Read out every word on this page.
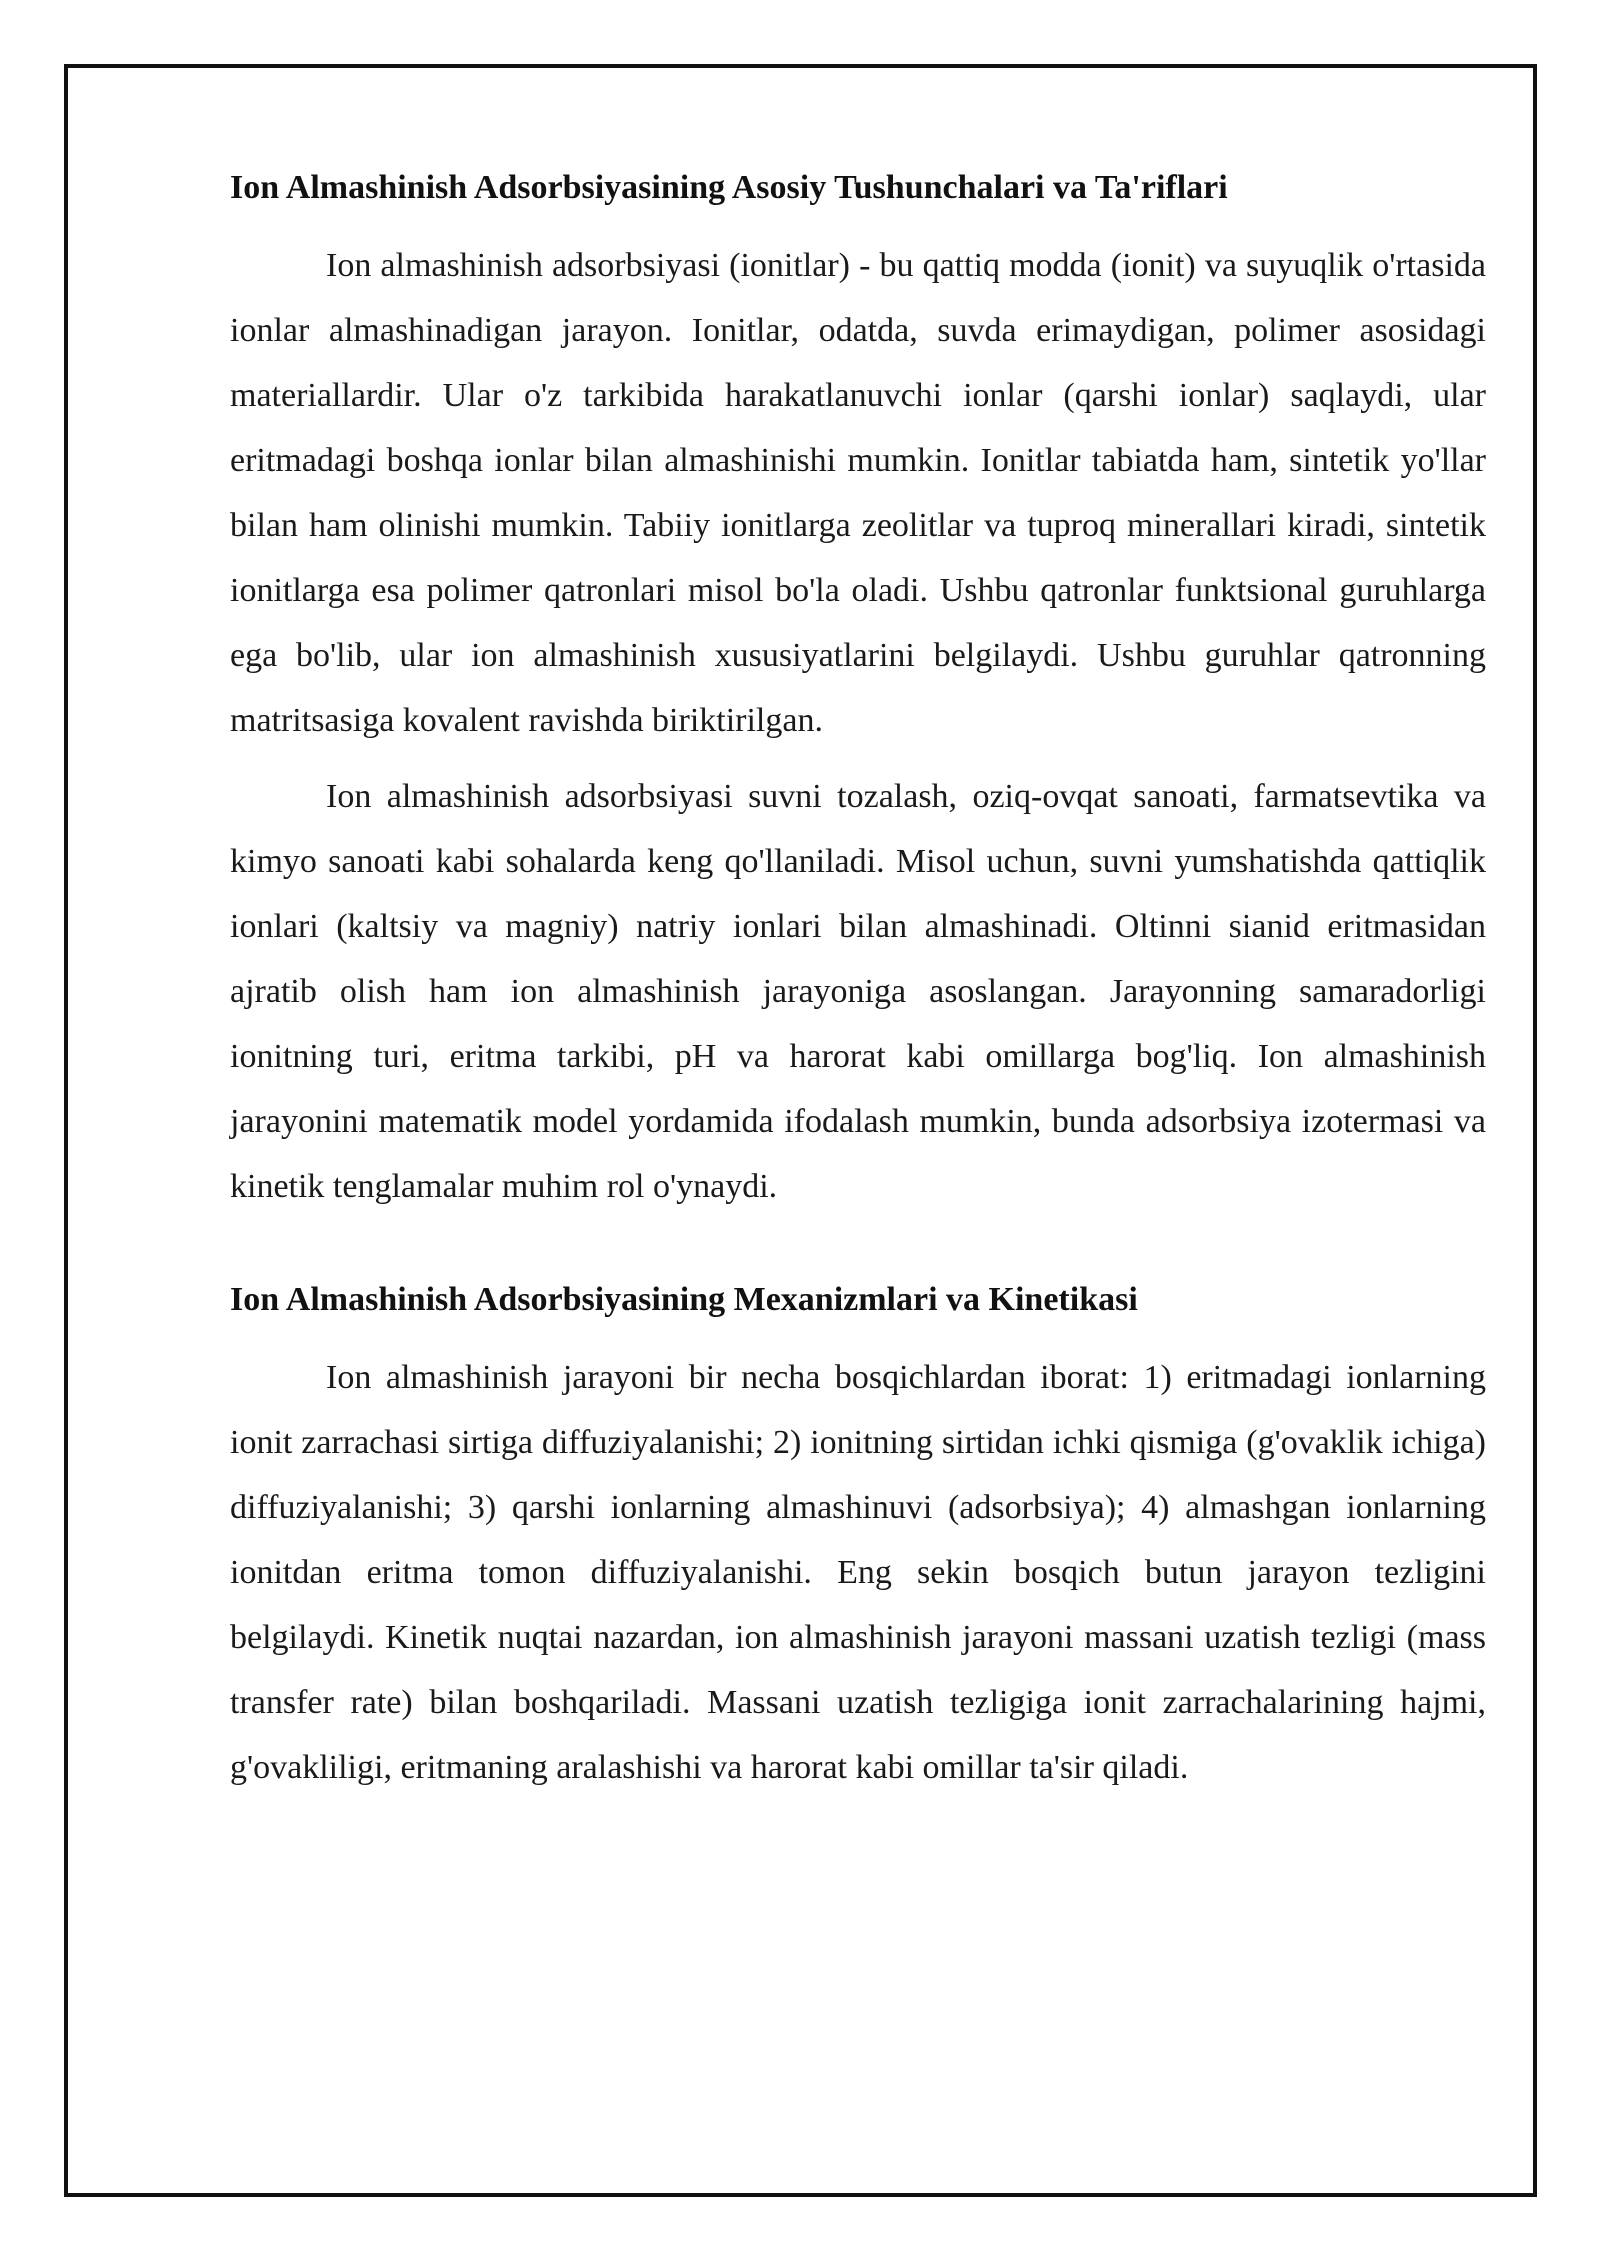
Ion Almashinish Adsorbsiyasining Asosiy Tushunchalari va Ta'riflari

Ion almashinish adsorbsiyasi (ionitlar) - bu qattiq modda (ionit) va suyuqlik o'rtasida ionlar almashinadigan jarayon. Ionitlar, odatda, suvda erimaydigan, polimer asosidagi materiallardir. Ular o'z tarkibida harakatlanuvchi ionlar (qarshi ionlar) saqlaydi, ular eritmadagi boshqa ionlar bilan almashinishi mumkin. Ionitlar tabiatda ham, sintetik yo'llar bilan ham olinishi mumkin. Tabiiy ionitlarga zeolitlar va tuproq minerallari kiradi, sintetik ionitlarga esa polimer qatronlari misol bo'la oladi. Ushbu qatronlar funktsional guruhlarga ega bo'lib, ular ion almashinish xususiyatlarini belgilaydi. Ushbu guruhlar qatronning matritsasiga kovalent ravishda biriktirilgan.

Ion almashinish adsorbsiyasi suvni tozalash, oziq-ovqat sanoati, farmatsevtika va kimyo sanoati kabi sohalarda keng qo'llaniladi. Misol uchun, suvni yumshatishda qattiqlik ionlari (kaltsiy va magniy) natriy ionlari bilan almashinadi. Oltinni sianid eritmasidan ajratib olish ham ion almashinish jarayoniga asoslangan. Jarayonning samaradorligi ionitning turi, eritma tarkibi, pH va harorat kabi omillarga bog'liq. Ion almashinish jarayonini matematik model yordamida ifodalash mumkin, bunda adsorbsiya izotermasi va kinetik tenglamalar muhim rol o'ynaydi.

Ion Almashinish Adsorbsiyasining Mexanizmlari va Kinetikasi

Ion almashinish jarayoni bir necha bosqichlardan iborat: 1) eritmadagi ionlarning ionit zarrachasi sirtiga diffuziyalanishi; 2) ionitning sirtidan ichki qismiga (g'ovaklik ichiga) diffuziyalanishi; 3) qarshi ionlarning almashinuvi (adsorbsiya); 4) almashgan ionlarning ionitdan eritma tomon diffuziyalanishi. Eng sekin bosqich butun jarayon tezligini belgilaydi. Kinetik nuqtai nazardan, ion almashinish jarayoni massani uzatish tezligi (mass transfer rate) bilan boshqariladi. Massani uzatish tezligiga ionit zarrachalarining hajmi, g'ovakliligi, eritmaning aralashishi va harorat kabi omillar ta'sir qiladi.
